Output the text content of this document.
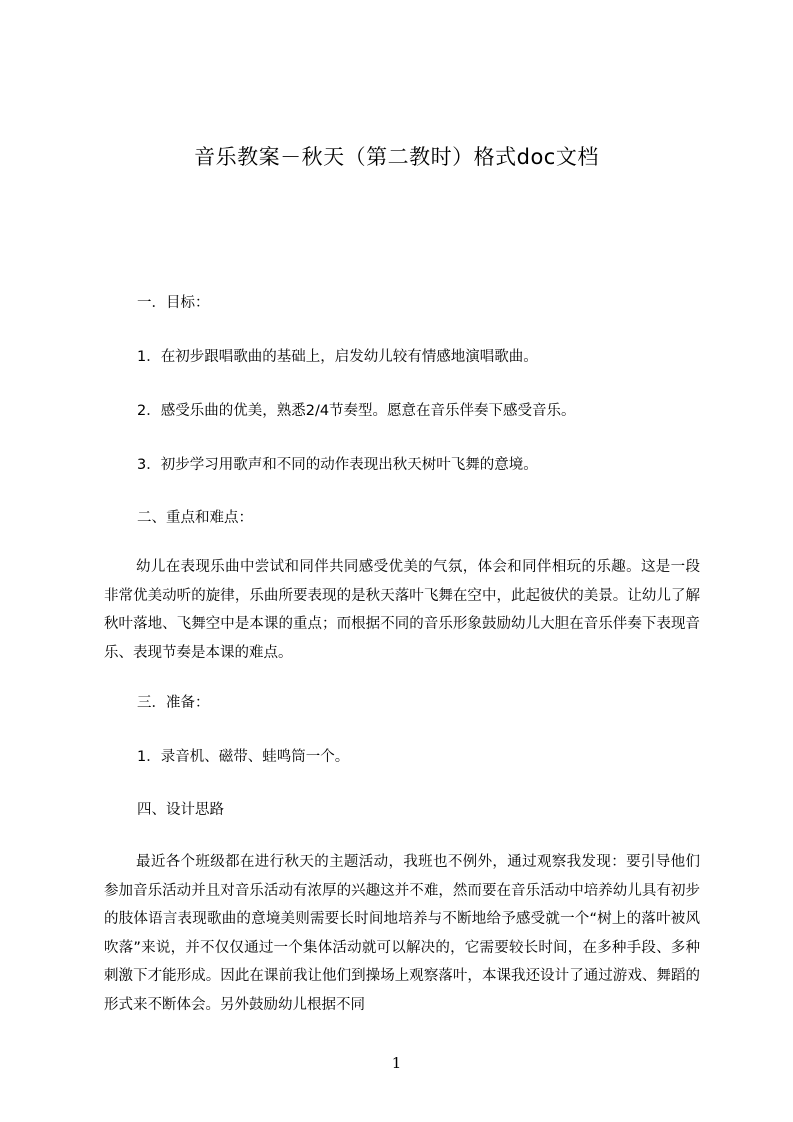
音乐教案－秋天（第二教时）格式doc文档
一．目标：
1．在初步跟唱歌曲的基础上，启发幼儿较有情感地演唱歌曲。
2．感受乐曲的优美，熟悉2/4节奏型。愿意在音乐伴奏下感受音乐。
3．初步学习用歌声和不同的动作表现出秋天树叶飞舞的意境。
二、重点和难点：
幼儿在表现乐曲中尝试和同伴共同感受优美的气氛，体会和同伴相玩的乐趣。这是一段非常优美动听的旋律，乐曲所要表现的是秋天落叶飞舞在空中，此起彼伏的美景。让幼儿了解秋叶落地、飞舞空中是本课的重点；而根据不同的音乐形象鼓励幼儿大胆在音乐伴奏下表现音乐、表现节奏是本课的难点。
三．准备：
1．录音机、磁带、蛙鸣筒一个。
四、设计思路
最近各个班级都在进行秋天的主题活动，我班也不例外，通过观察我发现：要引导他们参加音乐活动并且对音乐活动有浓厚的兴趣这并不难，然而要在音乐活动中培养幼儿具有初步的肢体语言表现歌曲的意境美则需要长时间地培养与不断地给予感受就一个“树上的落叶被风吹落”来说，并不仅仅通过一个集体活动就可以解决的，它需要较长时间，在多种手段、多种刺激下才能形成。因此在课前我让他们到操场上观察落叶，本课我还设计了通过游戏、舞蹈的形式来不断体会。另外鼓励幼儿根据不同
1
